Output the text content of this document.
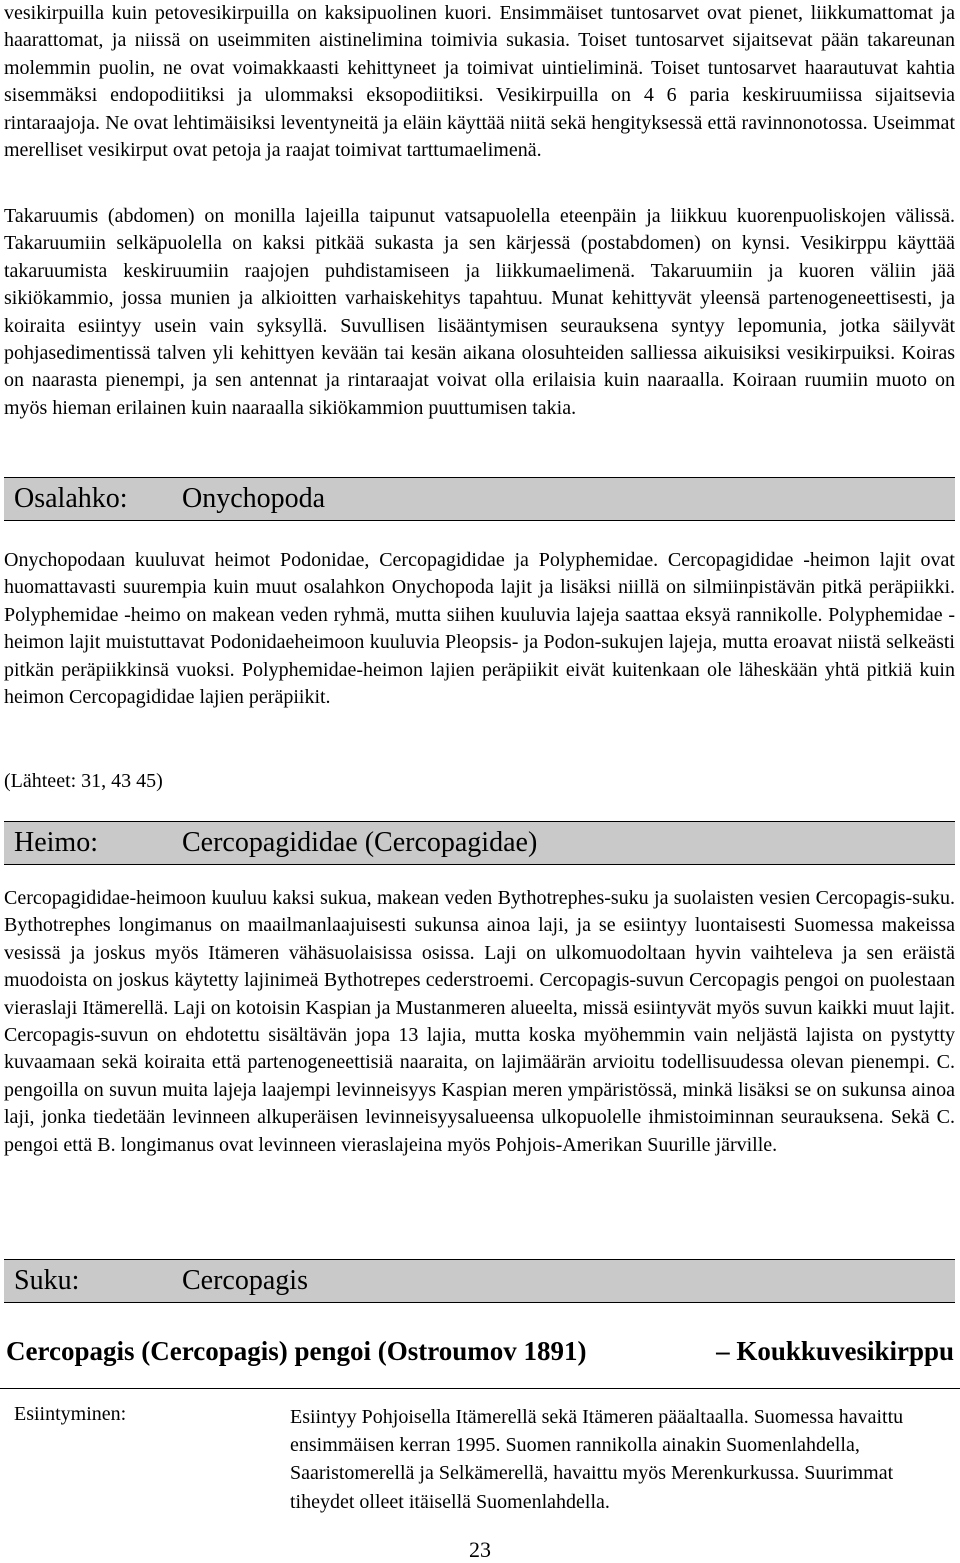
vesikirpuilla kuin petovesikirpuilla on kaksipuolinen kuori. Ensimmäiset tuntosarvet ovat pienet, liikkumattomat ja haarattomat, ja niissä on useimmiten aistinelimina toimivia sukasia. Toiset tuntosarvet sijaitsevat pään takareunan molemmin puolin, ne ovat voimakkaasti kehittyneet ja toimivat uintieliminä. Toiset tuntosarvet haarautuvat kahtia sisemmäksi endopodiitiksi ja ulommaksi eksopodiitiksi. Vesikirpuilla on 4 6 paria keskiruumiissa sijaitsevia rintaraajoja. Ne ovat lehtimäisiksi leventyneitä ja eläin käyttää niitä sekä hengityksessä että ravinnonotossa. Useimmat merelliset vesikirput ovat petoja ja raajat toimivat tarttumaelimenä.

Takaruumis (abdomen) on monilla lajeilla taipunut vatsapuolella eteenpäin ja liikkuu kuorenpuoliskojen välissä. Takaruumiin selkäpuolella on kaksi pitkää sukasta ja sen kärjessä (postabdomen) on kynsi. Vesikirppu käyttää takaruumista keskiruumiin raajojen puhdistamiseen ja liikkumaelimenä. Takaruumiin ja kuoren väliin jää sikiökammio, jossa munien ja alkioitten varhaiskehitys tapahtuu. Munat kehittyvät yleensä partenogeneettisesti, ja koiraita esiintyy usein vain syksyllä. Suvullisen lisääntymisen seurauksena syntyy lepomunia, jotka säilyvät pohjasedimentissä talven yli kehittyen kevään tai kesän aikana olosuhteiden salliessa aikuisiksi vesikirpuiksi. Koiras on naarasta pienempi, ja sen antennat ja rintaraajat voivat olla erilaisia kuin naaraalla. Koiraan ruumiin muoto on myös hieman erilainen kuin naaraalla sikiökammion puuttumisen takia.

Osalahko: Onychopoda

Onychopodaan kuuluvat heimot Podonidae, Cercopagididae ja Polyphemidae. Cercopagididae -heimon lajit ovat huomattavasti suurempia kuin muut osalahkon Onychopoda lajit ja lisäksi niillä on silmiinpistävän pitkä peräpiikki. Polyphemidae -heimo on makean veden ryhmä, mutta siihen kuuluvia lajeja saattaa eksyä rannikolle. Polyphemidae -heimon lajit muistuttavat Podonidaeheimoon kuuluvia Pleopsis- ja Podon-sukujen lajeja, mutta eroavat niistä selkeästi pitkän peräpiikkinsä vuoksi. Polyphemidae-heimon lajien peräpiikit eivät kuitenkaan ole läheskään yhtä pitkiä kuin heimon Cercopagididae lajien peräpiikit.

(Lähteet: 31, 43 45)

Heimo:	Cercopagididae (Cercopagidae)

Cercopagididae-heimoon kuuluu kaksi sukua, makean veden Bythotrephes-suku ja suolaisten vesien Cercopagis-suku. Bythotrephes longimanus on maailmanlaajuisesti sukunsa ainoa laji, ja se esiintyy luontaisesti Suomessa makeissa vesissä ja joskus myös Itämeren vähäsuolaisissa osissa. Laji on ulkomuodoltaan hyvin vaihteleva ja sen eräistä muodoista on joskus käytetty lajinimeä Bythotrepes cederstroemi. Cercopagis-suvun Cercopagis pengoi on puolestaan vieraslaji Itämerellä. Laji on kotoisin Kaspian ja Mustanmeren alueelta, missä esiintyvät myös suvun kaikki muut lajit. Cercopagis-suvun on ehdotettu sisältävän jopa 13 lajia, mutta koska myöhemmin vain neljästä lajista on pystytty kuvaamaan sekä koiraita että partenogeneettisiä naaraita, on lajimäärän arvioitu todellisuudessa olevan pienempi. C. pengoilla on suvun muita lajeja laajempi levinneisyys Kaspian meren ympäristössä, minkä lisäksi se on sukunsa ainoa laji, jonka tiedetään levinneen alkuperäisen levinneisyysalueensa ulkopuolelle ihmistoiminnan seurauksena. Sekä C. pengoi että B. longimanus ovat levinneen vieraslajeina myös Pohjois-Amerikan Suurille järville.

Suku:	Cercopagis
Cercopagis (Cercopagis) pengoi (Ostroumov 1891)	– Koukkuvesikirppu
Esiintyminen:	Esiintyy Pohjoisella Itämerellä sekä Itämeren pääaltaalla. Suomessa havaittu ensimmäisen kerran 1995. Suomen rannikolla ainakin Suomenlahdella, Saaristomerellä ja Selkämerellä, havaittu myös Merenkurkussa. Suurimmat tiheydet olleet itäisellä Suomenlahdella.

23
